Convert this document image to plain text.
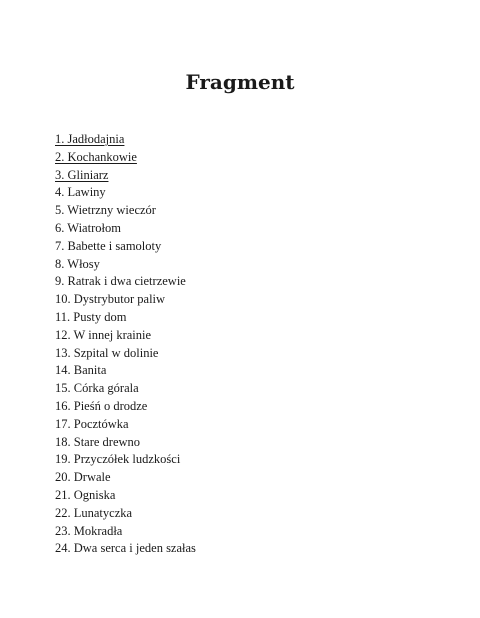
Fragment
1. Jadłodajnia
2. Kochankowie
3. Gliniarz
4. Lawiny
5. Wietrzny wieczór
6. Wiatrołom
7. Babette i samoloty
8. Włosy
9. Ratrak i dwa cietrzewie
10. Dystrybutor paliw
11. Pusty dom
12. W innej krainie
13. Szpital w dolinie
14. Banita
15. Córka górala
16. Pieśń o drodze
17. Pocztówka
18. Stare drewno
19. Przyczółek ludzkości
20. Drwale
21. Ogniska
22. Lunatyczka
23. Mokradła
24. Dwa serca i jeden szałas
